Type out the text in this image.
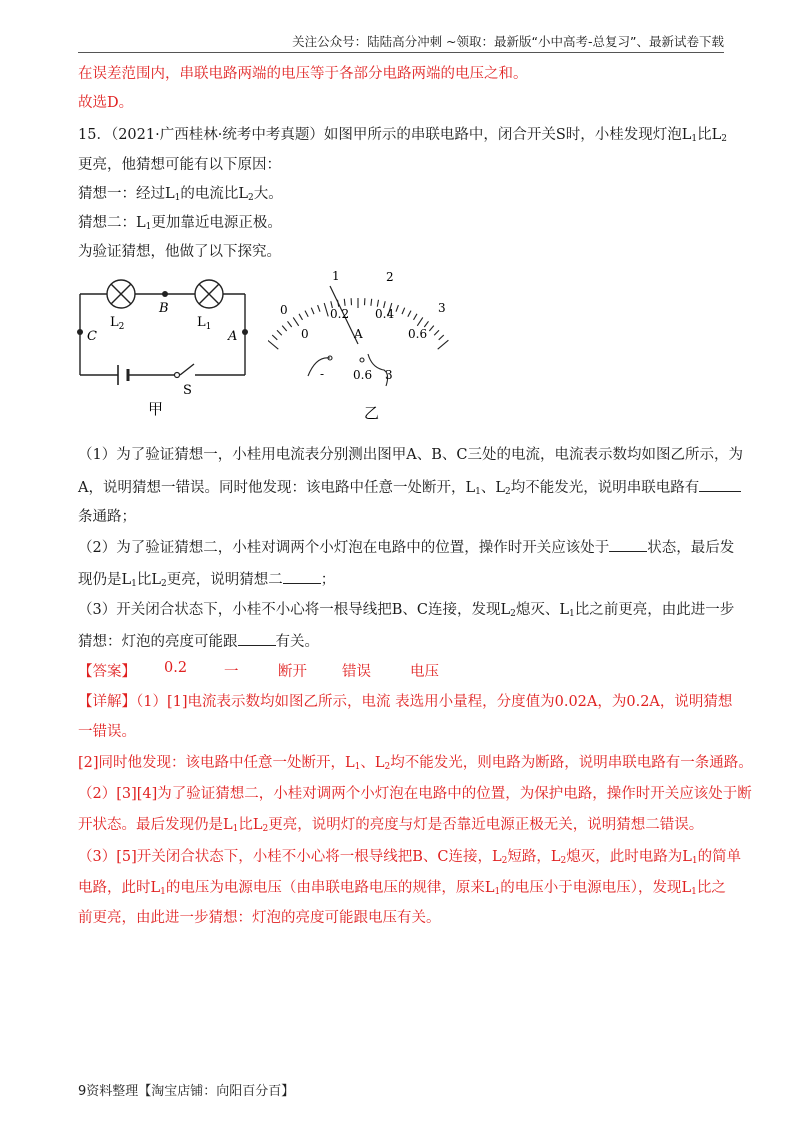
关注公众号：陆陆高分冲刺 ~领取：最新版“小中高考-总复习”、最新试卷下载
在误差范围内，串联电路两端的电压等于各部分电路两端的电压之和。
故选D。
15．（2021·广西桂林·统考中考真题）如图甲所示的串联电路中，闭合开关S时，小桂发现灯泡$L_1$比$L_2$
更亮，他猜想可能有以下原因：
猜想一：经过$L_1$的电流比$L_2$大。
猜想二：$L_1$更加靠近电源正极。
为验证猜想，他做了以下探究。
$L_2$	$L_1$
B
C	A
S
甲
1	2
0	3
0
0.2 0.4
0.6
A
- 0.6 3
乙
（1）为了验证猜想一，小桂用电流表分别测出图甲A、B、C三处的电流，电流表示数均如图乙所示，为
A，说明猜想一错误。同时他发现：该电路中任意一处断开，$L_1$、$L_2$均不能发光，说明串联电路有
条通路；
（2）为了验证猜想二，小桂对调两个小灯泡在电路中的位置，操作时开关应该处于	状态，最后发
现仍是$L_1$比$L_2$更亮，说明猜想二	；
（3）开关闭合状态下，小桂不小心将一根导线把B、C连接，发现$L_2$熄灭、$L_1$比之前更亮，由此进一步
猜想：灯泡的亮度可能跟	有关。
【答案】 0.2	一	断开 错误	电压
【详解】（1）[1]电流表示数均如图乙所示，电流 表选用小量程，分度值为0.02A，为0.2A，说明猜想
一错误。
[2]同时他发现：该电路中任意一处断开，$L_1$、$L_2$均不能发光，则电路为断路，说明串联电路有一条通路。
（2）[3][4]为了验证猜想二，小桂对调两个小灯泡在电路中的位置，为保护电路，操作时开关应该处于断
开状态。最后发现仍是$L_1$比$L_2$更亮，说明灯的亮度与灯是否靠近电源正极无关，说明猜想二错误。
（3）[5]开关闭合状态下，小桂不小心将一根导线把B、C连接，$L_2$短路，$L_2$熄灭，此时电路为$L_1$的简单
电路，此时$L_1$的电压为电源电压（由串联电路电压的规律，原来$L_1$的电压小于电源电压），发现$L_1$比之
前更亮，由此进一步猜想：灯泡的亮度可能跟电压有关。
9资料整理【淘宝店铺：向阳百分百】
